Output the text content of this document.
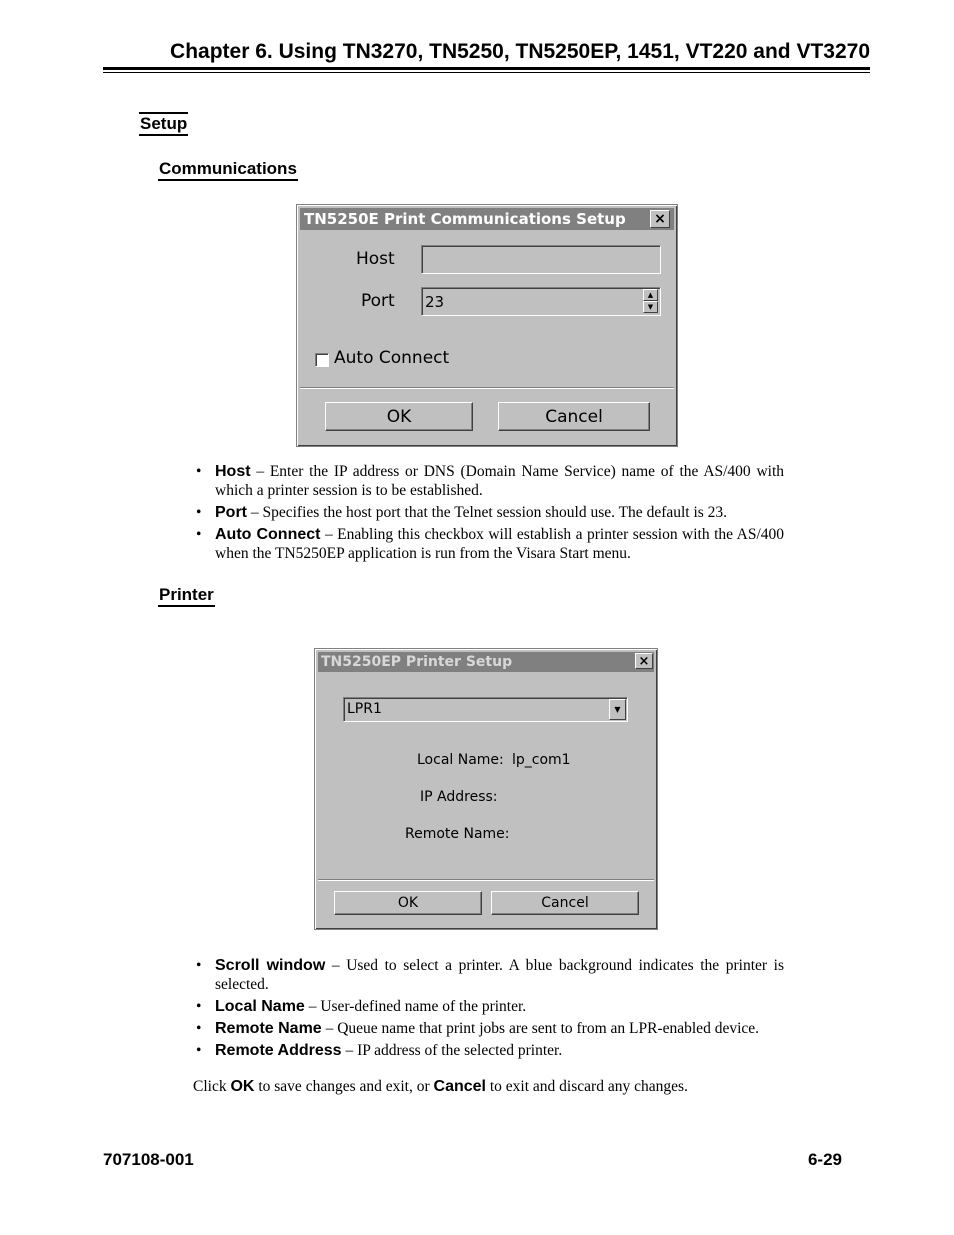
Chapter 6. Using TN3270, TN5250, TN5250EP, 1451, VT220 and VT3270
Setup
Communications
TN5250E Print Communications Setup ×
Host
Port 23	▲
▼
Auto Connect
OK	Cancel
• Host – Enter the IP address or DNS (Domain Name Service) name of the AS/400 with which a printer session is to be established.
• Port – Specifies the host port that the Telnet session should use. The default is 23.
• Auto Connect – Enabling this checkbox will establish a printer session with the AS/400 when the TN5250EP application is run from the Visara Start menu.
Printer
TN5250EP Printer Setup	×
LPR1	▼
Local Name: lp_com1
IP Address:
Remote Name:
OK	Cancel
• Scroll window – Used to select a printer. A blue background indicates the printer is selected.
• Local Name – User-defined name of the printer.
• Remote Name – Queue name that print jobs are sent to from an LPR-enabled device.
• Remote Address – IP address of the selected printer.
Click OK to save changes and exit, or Cancel to exit and discard any changes.
707108-001	6-29
